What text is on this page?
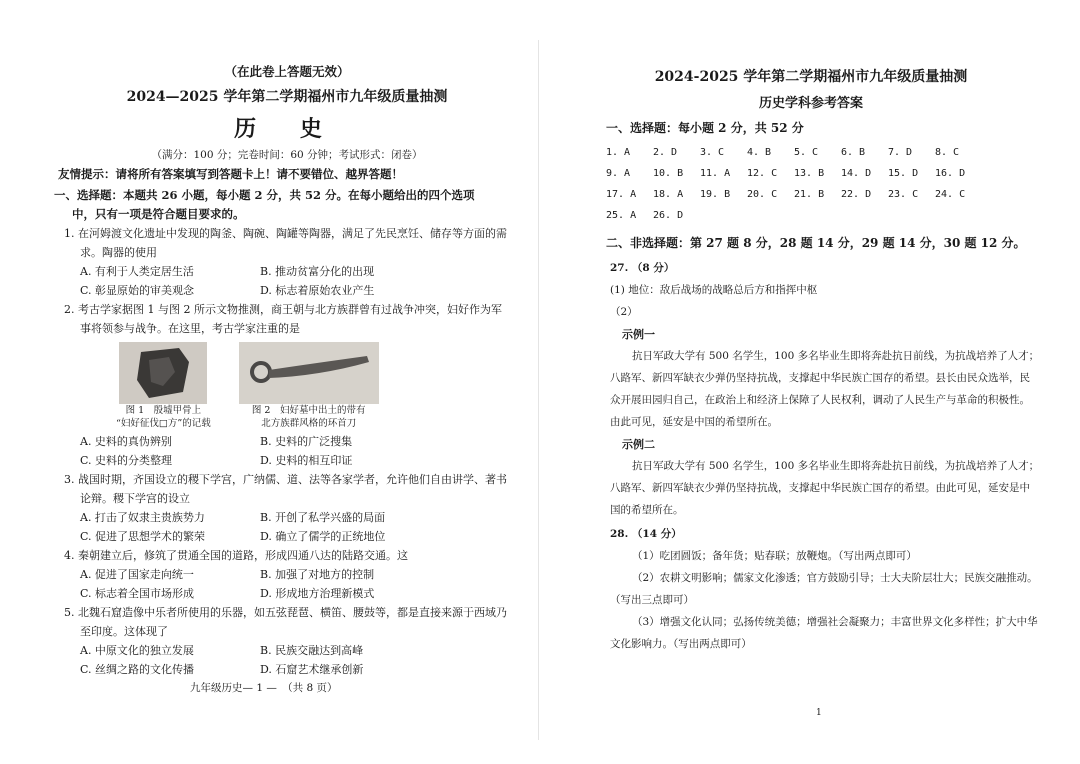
（在此卷上答题无效）
2024—2025 学年第二学期福州市九年级质量抽测
历 史
（满分：100 分；完卷时间：60 分钟；考试形式：闭卷）
友情提示：请将所有答案填写到答题卡上！请不要错位、越界答题！
一、选择题：本题共 26 小题，每小题 2 分，共 52 分。在每小题给出的四个选项
中，只有一项是符合题目要求的。
1. 在河姆渡文化遗址中发现的陶釜、陶碗、陶罐等陶器，满足了先民烹饪、储存等方面的需求。陶器的使用
A. 有利于人类定居生活	B. 推动贫富分化的出现
C. 彰显原始的审美观念	D. 标志着原始农业产生
2. 考古学家据图 1 与图 2 所示文物推测，商王朝与北方族群曾有过战争冲突，妇好作为军事将领参与战争。在这里，考古学家注重的是
图 1　殷墟甲骨上
“妇好征伐□方”的记载
图 2　妇好墓中出土的带有
北方族群风格的环首刀
A. 史料的真伪辨别	B. 史料的广泛搜集
C. 史料的分类整理	D. 史料的相互印证
3. 战国时期，齐国设立的稷下学宫，广纳儒、道、法等各家学者，允许他们自由讲学、著书论辩。稷下学宫的设立
A. 打击了奴隶主贵族势力	B. 开创了私学兴盛的局面
C. 促进了思想学术的繁荣	D. 确立了儒学的正统地位
4. 秦朝建立后，修筑了贯通全国的道路，形成四通八达的陆路交通。这
A. 促进了国家走向统一	B. 加强了对地方的控制
C. 标志着全国市场形成	D. 形成地方治理新模式
5. 北魏石窟造像中乐者所使用的乐器，如五弦琵琶、横笛、腰鼓等，都是直接来源于西域乃至印度。这体现了
A. 中原文化的独立发展	B. 民族交融达到高峰
C. 丝绸之路的文化传播	D. 石窟艺术继承创新
九年级历史— 1 —　（共 8 页）
2024-2025 学年第二学期福州市九年级质量抽测
历史学科参考答案
一、选择题：每小题 2 分，共 52 分
1. A	2. D	3. C	4. B	5. C	6. B	7. D	8. C
9. A	10. B	11. A	12. C	13. B	14. D	15. D	16. D
17. A	18. A	19. B	20. C	21. B	22. D	23. C	24. C
25. A	26. D
二、非选择题：第 27 题 8 分，28 题 14 分，29 题 14 分，30 题 12 分。
27. （8 分）
(1) 地位：敌后战场的战略总后方和指挥中枢
（2）
示例一
抗日军政大学有 500 名学生，100 多名毕业生即将奔赴抗日前线，为抗战培养了人才；八路军、新四军缺衣少弹仍坚持抗战，支撑起中华民族亡国存的希望。县长由民众选举，民众开展田园归自己，在政治上和经济上保障了人民权利，调动了人民生产与革命的积极性。由此可见，延安是中国的希望所在。
示例二
抗日军政大学有 500 名学生，100 多名毕业生即将奔赴抗日前线，为抗战培养了人才；八路军、新四军缺衣少弹仍坚持抗战，支撑起中华民族亡国存的希望。由此可见，延安是中国的希望所在。
28. （14 分）
（1）吃团圆饭；备年货；贴春联；放鞭炮。（写出两点即可）
（2）农耕文明影响；儒家文化渗透；官方鼓励引导；士大夫阶层壮大；民族交融推动。（写出三点即可）
（3）增强文化认同；弘扬传统美德；增强社会凝聚力；丰富世界文化多样性；扩大中华文化影响力。（写出两点即可）
1
